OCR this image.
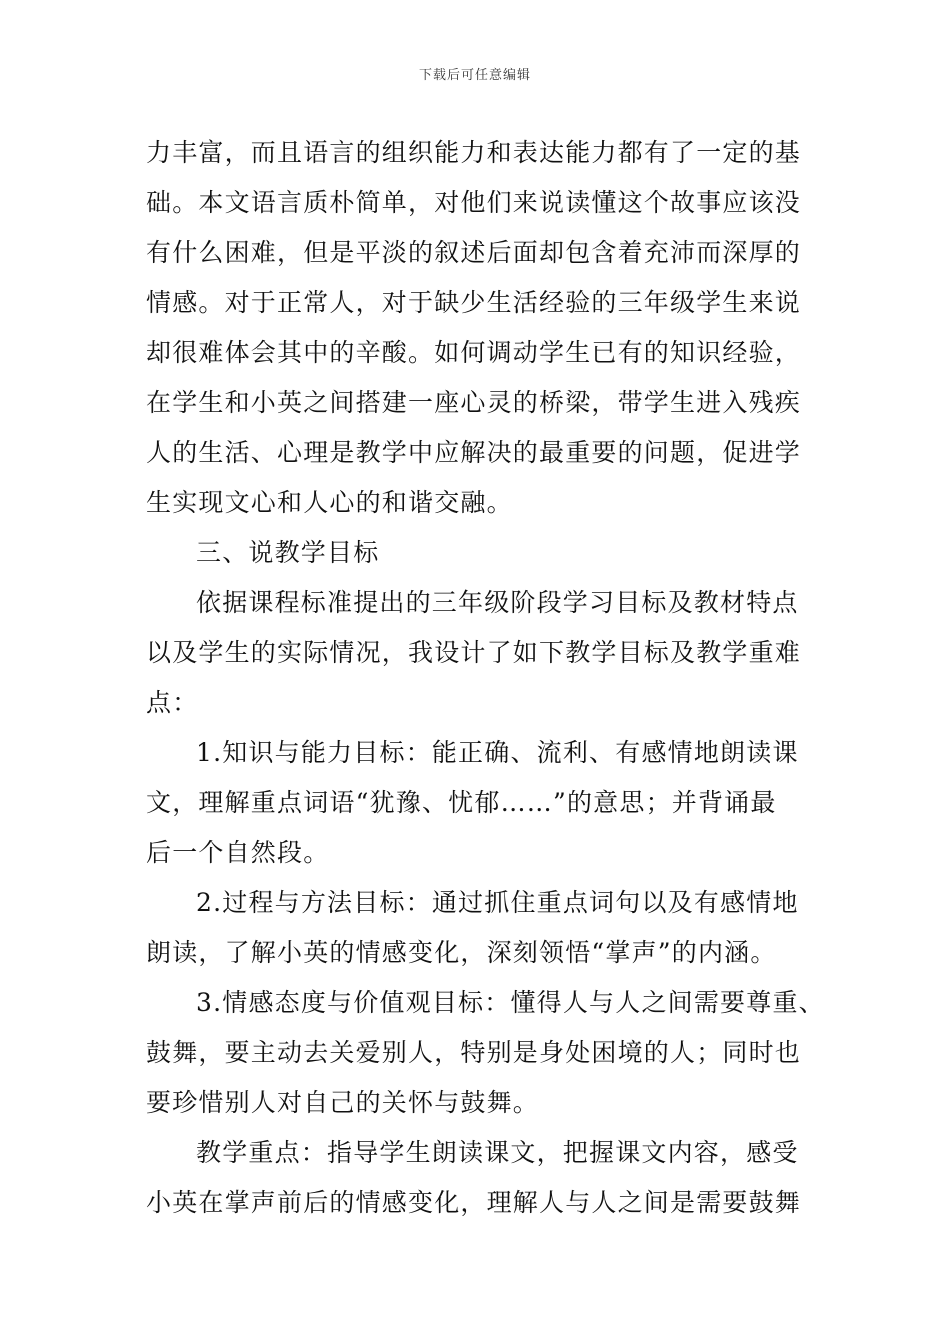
下载后可任意编辑
力丰富，而且语言的组织能力和表达能力都有了一定的基
础。本文语言质朴简单，对他们来说读懂这个故事应该没
有什么困难，但是平淡的叙述后面却包含着充沛而深厚的
情感。对于正常人，对于缺少生活经验的三年级学生来说
却很难体会其中的辛酸。如何调动学生已有的知识经验，
在学生和小英之间搭建一座心灵的桥梁，带学生进入残疾
人的生活、心理是教学中应解决的最重要的问题，促进学
生实现文心和人心的和谐交融。
三、说教学目标
依据课程标准提出的三年级阶段学习目标及教材特点
以及学生的实际情况，我设计了如下教学目标及教学重难
点：
1.知识与能力目标：能正确、流利、有感情地朗读课
文，理解重点词语“犹豫、忧郁……”的意思；并背诵最
后一个自然段。
2.过程与方法目标：通过抓住重点词句以及有感情地
朗读，了解小英的情感变化，深刻领悟“掌声”的内涵。
3.情感态度与价值观目标：懂得人与人之间需要尊重、
鼓舞，要主动去关爱别人，特别是身处困境的人；同时也
要珍惜别人对自己的关怀与鼓舞。
教学重点：指导学生朗读课文，把握课文内容，感受
小英在掌声前后的情感变化，理解人与人之间是需要鼓舞
